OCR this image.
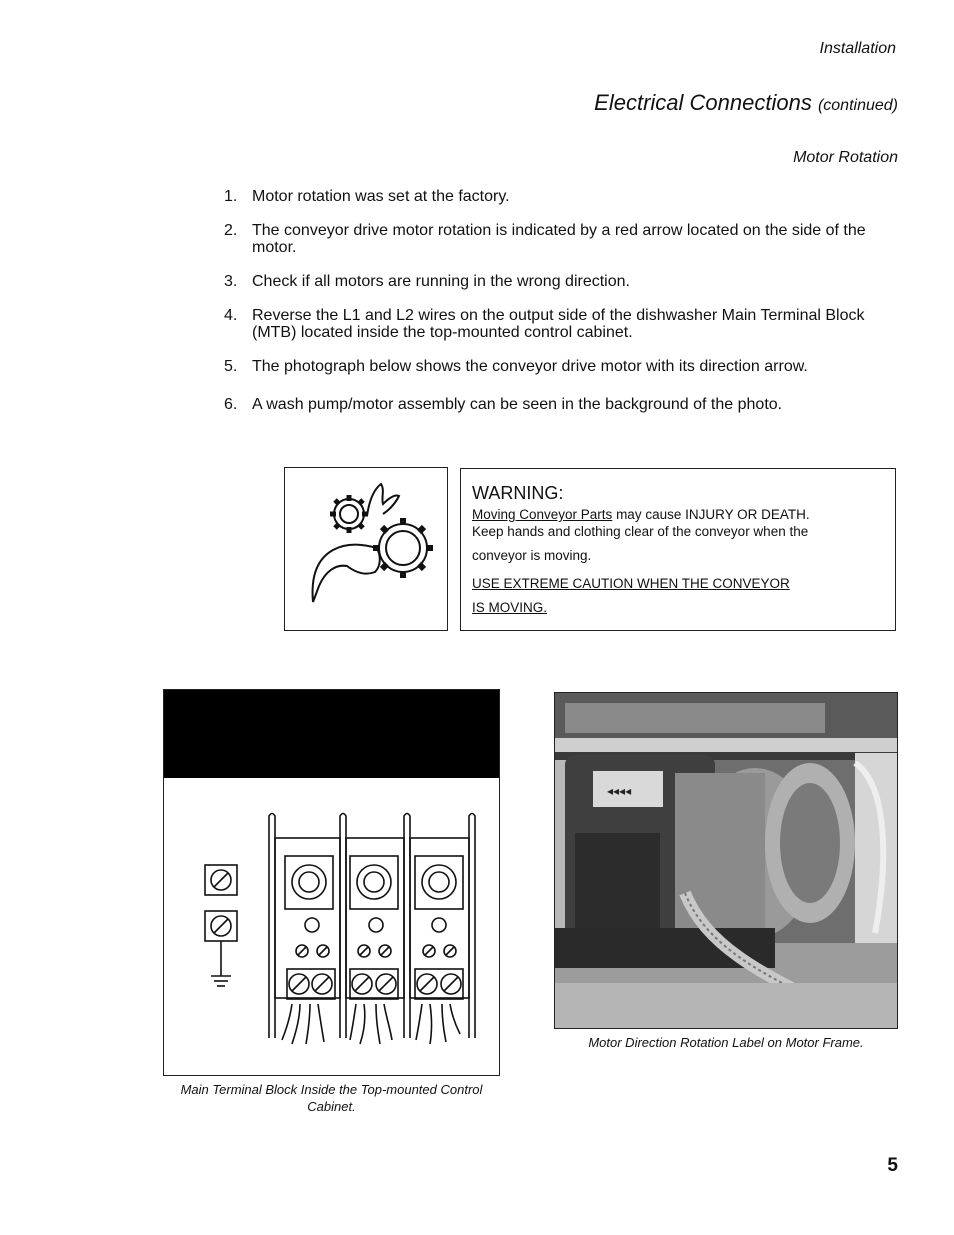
Installation
Electrical Connections (continued)
Motor Rotation
1. Motor rotation was set at the factory.
2. The conveyor drive motor rotation is indicated by a red arrow located on the side of the motor.
3. Check if all motors are running in the wrong direction.
4. Reverse the L1 and L2 wires on the output side of the dishwasher Main Terminal Block (MTB) located inside the top-mounted control cabinet.
5. The photograph below shows the conveyor drive motor with its direction arrow.
6. A wash pump/motor assembly can be seen in the background of the photo.
WARNING:
Moving Conveyor Parts may cause INJURY OR DEATH.
Keep hands and clothing clear of the conveyor when the
conveyor is moving.
USE EXTREME CAUTION WHEN THE CONVEYOR
IS MOVING.
Main Terminal Block Inside the Top-mounted Control Cabinet.
◂◂◂◂
Motor Direction Rotation Label on Motor Frame.
5
